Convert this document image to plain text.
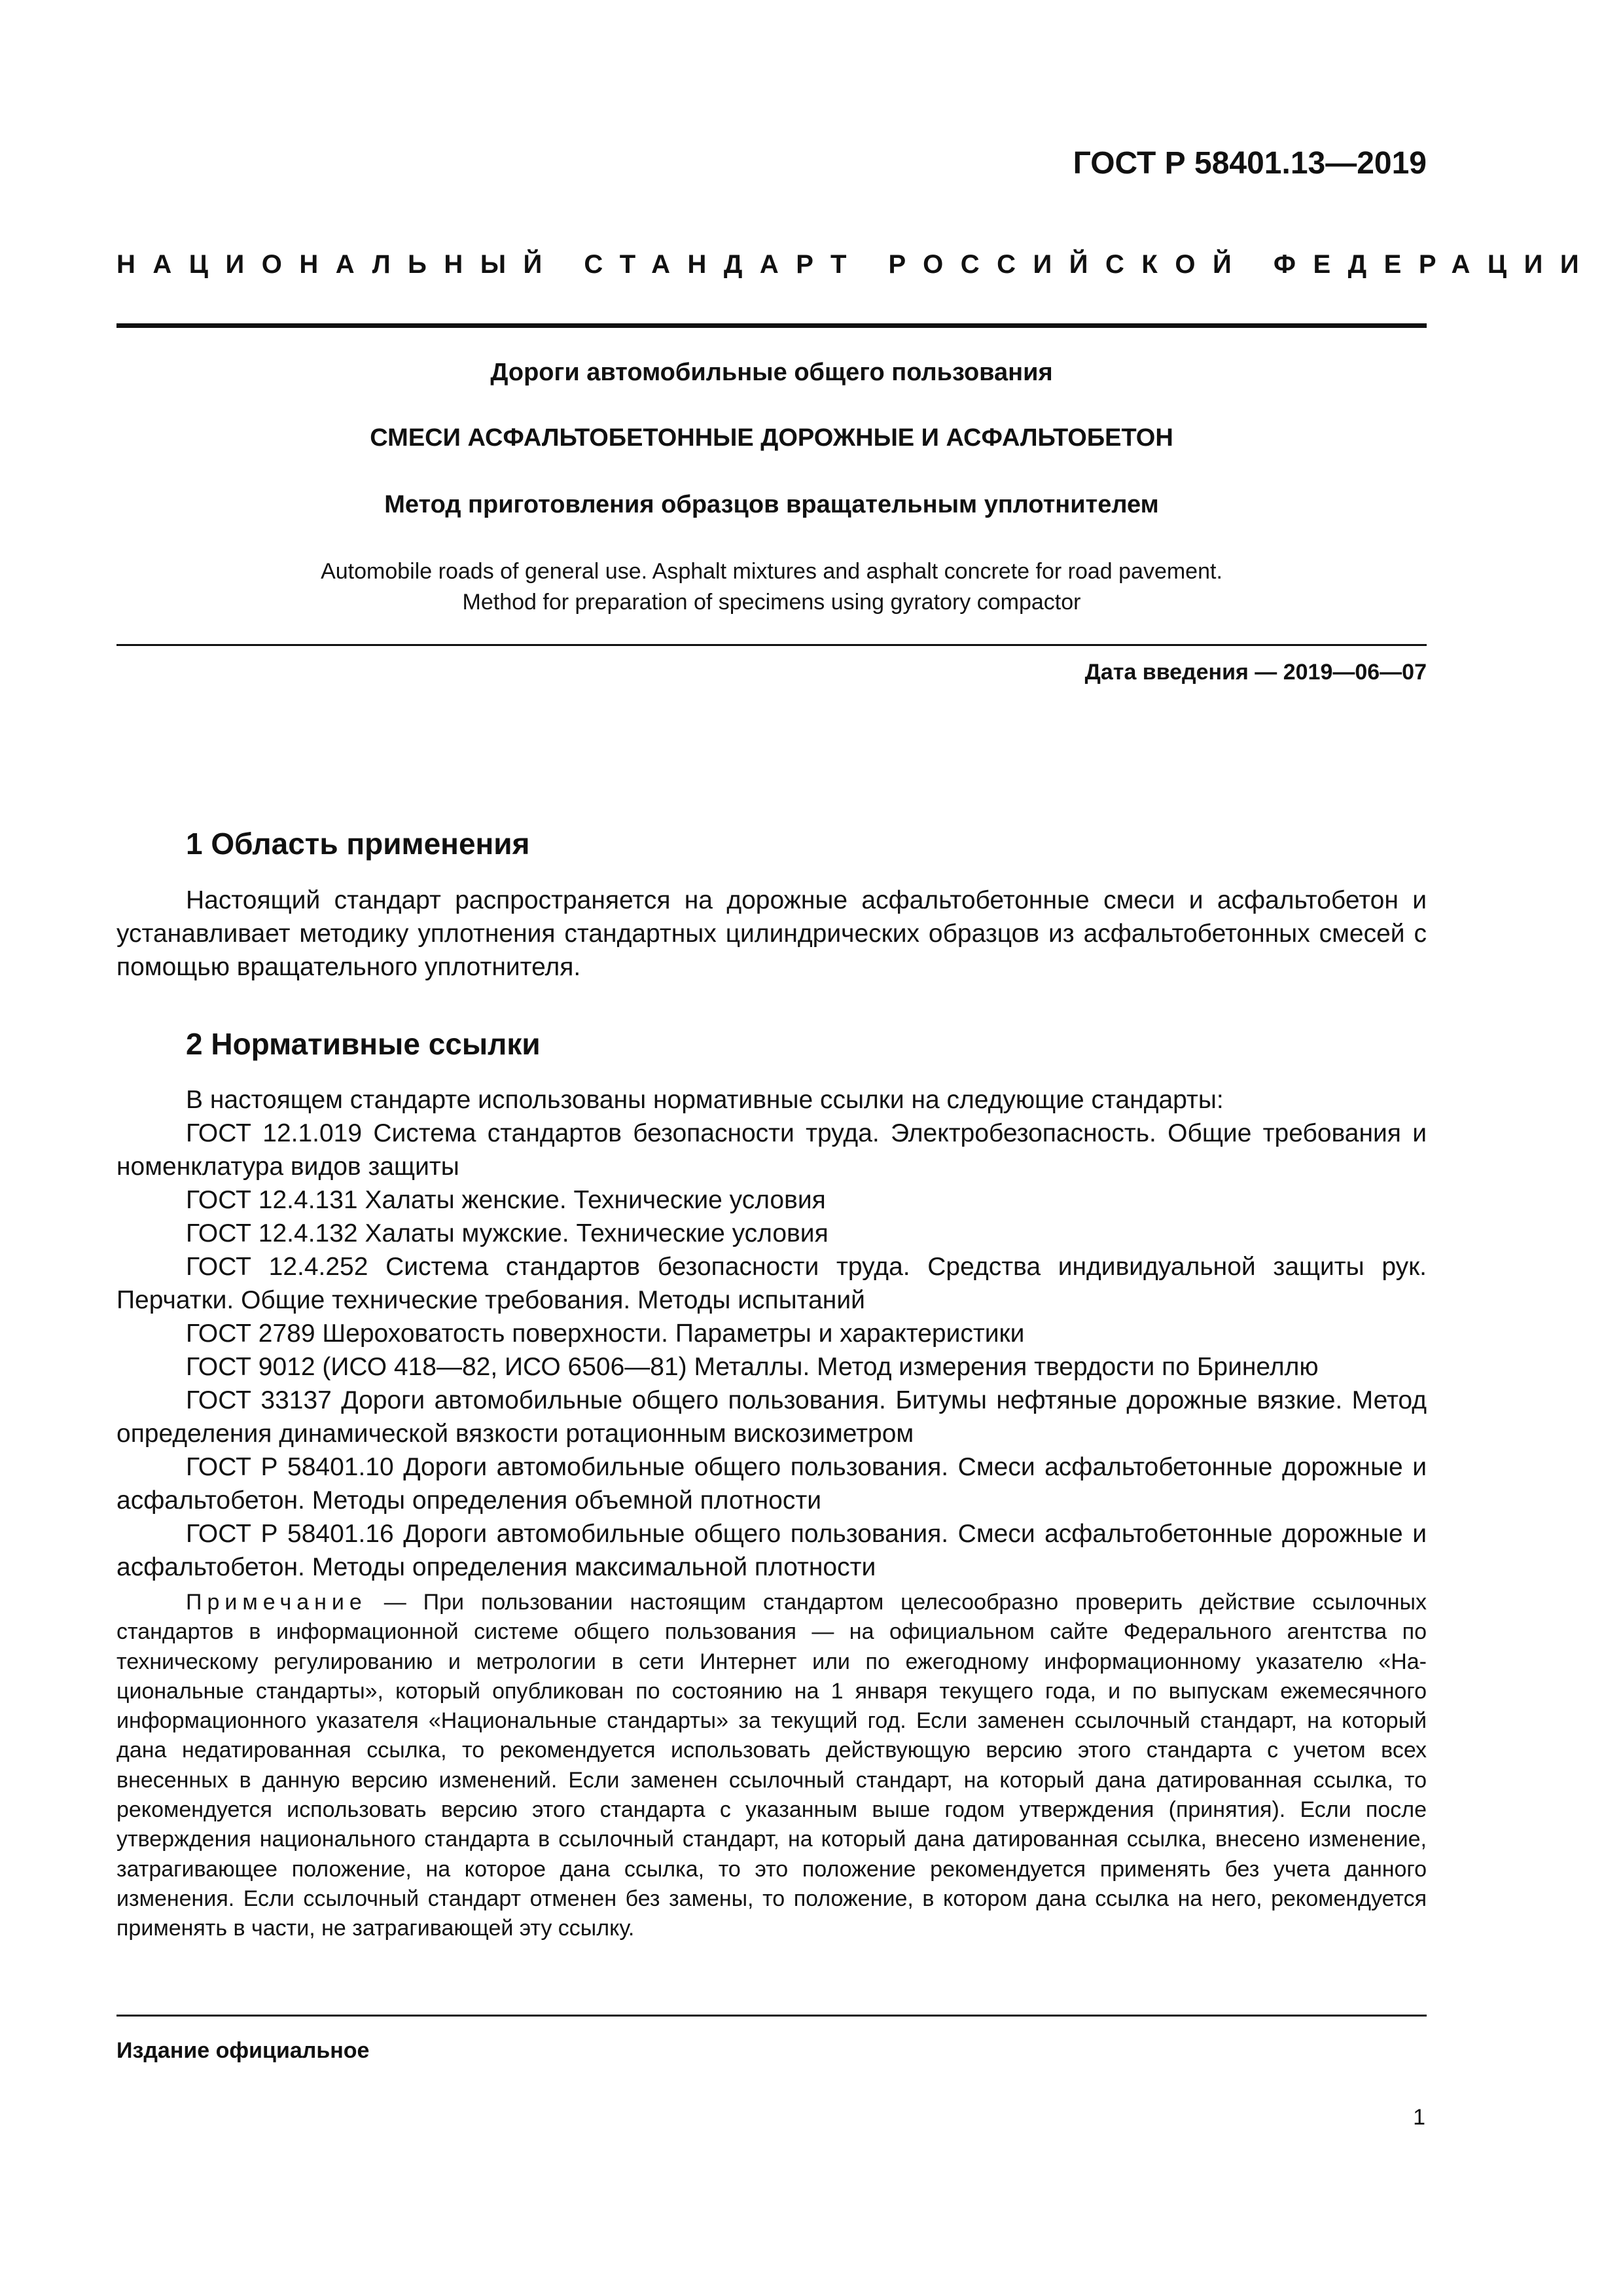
ГОСТ Р 58401.13—2019
НАЦИОНАЛЬНЫЙ СТАНДАРТ РОССИЙСКОЙ ФЕДЕРАЦИИ
Дороги автомобильные общего пользования
СМЕСИ АСФАЛЬТОБЕТОННЫЕ ДОРОЖНЫЕ И АСФАЛЬТОБЕТОН
Метод приготовления образцов вращательным уплотнителем
Automobile roads of general use. Asphalt mixtures and asphalt concrete for road pavement.
Method for preparation of specimens using gyratory compactor
Дата введения — 2019—06—07
1 Область применения

Настоящий стандарт распространяется на дорожные асфальтобетонные смеси и асфальтобетон и устанавливает методику уплотнения стандартных цилиндрических образцов из асфальтобетонных смесей с помощью вращательного уплотнителя.

2 Нормативные ссылки

В настоящем стандарте использованы нормативные ссылки на следующие стандарты:

ГОСТ 12.1.019 Система стандартов безопасности труда. Электробезопасность. Общие требования и номенклатура видов защиты

ГОСТ 12.4.131 Халаты женские. Технические условия

ГОСТ 12.4.132 Халаты мужские. Технические условия

ГОСТ 12.4.252 Система стандартов безопасности труда. Средства индивидуальной защиты рук. Перчатки. Общие технические требования. Методы испытаний

ГОСТ 2789 Шероховатость поверхности. Параметры и характеристики

ГОСТ 9012 (ИСО 418—82, ИСО 6506—81) Металлы. Метод измерения твердости по Бринеллю

ГОСТ 33137 Дороги автомобильные общего пользования. Битумы нефтяные дорожные вязкие. Метод определения динамической вязкости ротационным вискозиметром

ГОСТ Р 58401.10 Дороги автомобильные общего пользования. Смеси асфальтобетонные дорожные и асфальтобетон. Методы определения объемной плотности

ГОСТ Р 58401.16 Дороги автомобильные общего пользования. Смеси асфальтобетонные дорожные и асфальтобетон. Методы определения максимальной плотности

Примечание — При пользовании настоящим стандартом целесообразно проверить действие ссылочных стандартов в информационной системе общего пользования — на официальном сайте Федерального агентства по техническому регулированию и метрологии в сети Интернет или по ежегодному информационному указателю «Национальные стандарты», который опубликован по состоянию на 1 января текущего года, и по выпускам ежемесячного информационного указателя «Национальные стандарты» за текущий год. Если заменен ссылочный стандарт, на который дана недатированная ссылка, то рекомендуется использовать действующую версию этого стандарта с учетом всех внесенных в данную версию изменений. Если заменен ссылочный стандарт, на который дана датированная ссылка, то рекомендуется использовать версию этого стандарта с указанным выше годом утверждения (принятия). Если после утверждения национального стандарта в ссылочный стандарт, на который дана датированная ссылка, внесено изменение, затрагивающее положение, на которое дана ссылка, то это положение рекомендуется применять без учета данного изменения. Если ссылочный стандарт отменен без замены, то положение, в котором дана ссылка на него, рекомендуется применять в части, не затрагивающей эту ссылку.

Издание официальное
1
